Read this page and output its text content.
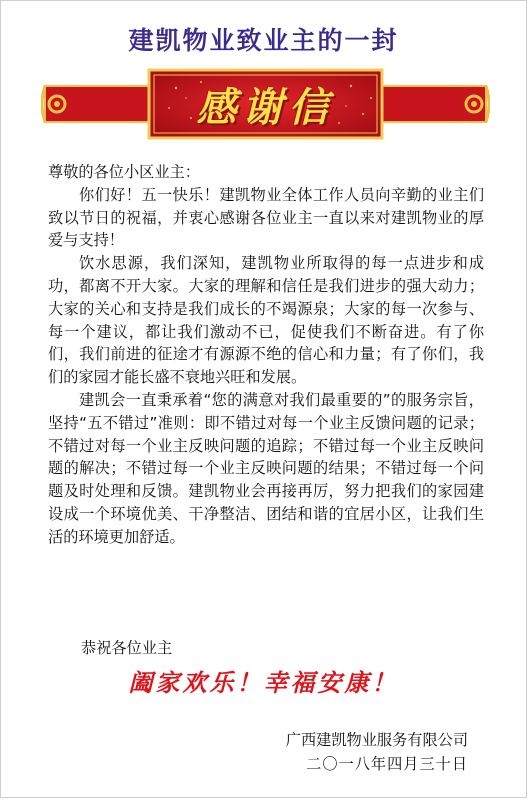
建凯物业致业主的一封
感谢信

尊敬的各位小区业主：

你们好！五一快乐！建凯物业全体工作人员向辛勤的业主们致以节日的祝福，并衷心感谢各位业主一直以来对建凯物业的厚爱与支持！

饮水思源，我们深知，建凯物业所取得的每一点进步和成功，都离不开大家。大家的理解和信任是我们进步的强大动力；大家的关心和支持是我们成长的不竭源泉；大家的每一次参与、每一个建议，都让我们激动不已，促使我们不断奋进。有了你们，我们前进的征途才有源源不绝的信心和力量；有了你们，我们的家园才能长盛不衰地兴旺和发展。

建凯会一直秉承着“您的满意对我们最重要的”的服务宗旨，坚持“五不错过”准则：即不错过对每一个业主反馈问题的记录；不错过对每一个业主反映问题的追踪；不错过每一个业主反映问题的解决；不错过每一个业主反映问题的结果；不错过每一个问题及时处理和反馈。建凯物业会再接再厉，努力把我们的家园建设成一个环境优美、干净整洁、团结和谐的宜居小区，让我们生活的环境更加舒适。

恭祝各位业主
阖家欢乐！幸福安康！
广西建凯物业服务有限公司
二〇一八年四月三十日
